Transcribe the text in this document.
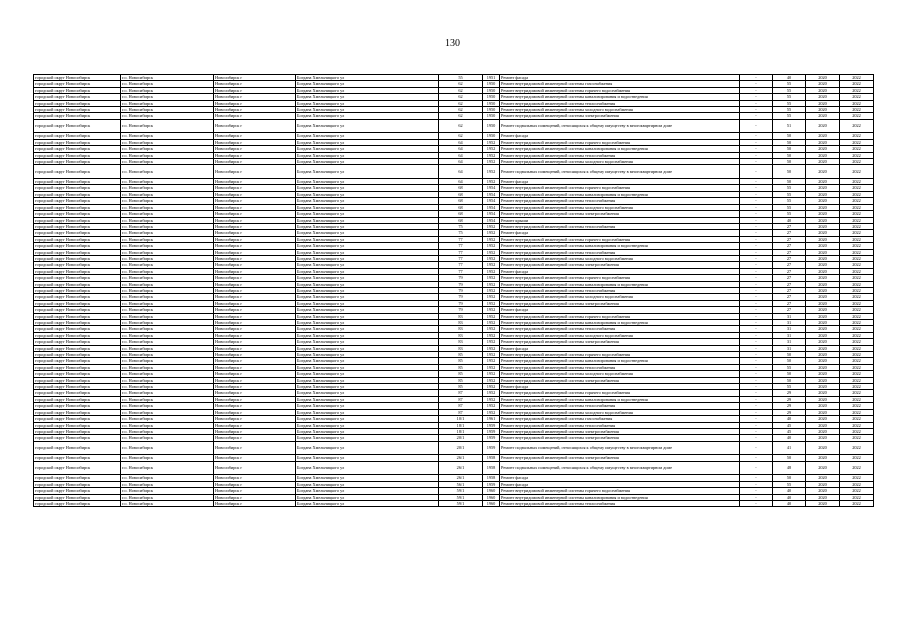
130
городской округ Новосибирск	г.о. Новосибирск	Новосибирск г	Богдана Хмельницкого ул	55	1951	Ремонт фасада	-	40	2020	2022
городской округ Новосибирск	г.о. Новосибирск	Новосибирск г	Богдана Хмельницкого ул	62	1950	Ремонт внутридомовой инженерной системы газоснабжения	-	55	2020	2022
городской округ Новосибирск	г.о. Новосибирск	Новосибирск г	Богдана Хмельницкого ул	62	1950	Ремонт внутридомовой инженерной системы горячего водоснабжения	-	55	2020	2022
городской округ Новосибирск	г.о. Новосибирск	Новосибирск г	Богдана Хмельницкого ул	62	1950	Ремонт внутридомовой инженерной системы канализирования и водоотведения	-	55	2020	2022
городской округ Новосибирск	г.о. Новосибирск	Новосибирск г	Богдана Хмельницкого ул	62	1950	Ремонт внутридомовой инженерной системы теплоснабжения	-	55	2020	2022
городской округ Новосибирск	г.о. Новосибирск	Новосибирск г	Богдана Хмельницкого ул	62	1950	Ремонт внутридомовой инженерной системы холодного водоснабжения	-	55	2020	2022
городской округ Новосибирск	г.о. Новосибирск	Новосибирск г	Богдана Хмельницкого ул	62	1950	Ремонт внутридомовой инженерной системы электроснабжения	-	55	2020	2022
городской округ Новосибирск	г.о. Новосибирск	Новосибирск г	Богдана Хмельницкого ул	62	1950	Ремонт подвальных помещений, относящихся к общему имуществу в многоквартирном доме	-	51	2020	2022
городской округ Новосибирск	г.о. Новосибирск	Новосибирск г	Богдана Хмельницкого ул	62	1950	Ремонт фасада	-	50	2020	2022
городской округ Новосибирск	г.о. Новосибирск	Новосибирск г	Богдана Хмельницкого ул	64	1952	Ремонт внутридомовой инженерной системы горячего водоснабжения	-	50	2020	2022
городской округ Новосибирск	г.о. Новосибирск	Новосибирск г	Богдана Хмельницкого ул	64	1952	Ремонт внутридомовой инженерной системы канализирования и водоотведения	-	50	2020	2022
городской округ Новосибирск	г.о. Новосибирск	Новосибирск г	Богдана Хмельницкого ул	64	1952	Ремонт внутридомовой инженерной системы теплоснабжения	-	50	2020	2022
городской округ Новосибирск	г.о. Новосибирск	Новосибирск г	Богдана Хмельницкого ул	64	1952	Ремонт внутридомовой инженерной системы холодного водоснабжения	-	50	2020	2022
городской округ Новосибирск	г.о. Новосибирск	Новосибирск г	Богдана Хмельницкого ул	64	1952	Ремонт подвальных помещений, относящихся к общему имуществу в многоквартирном доме	-	50	2020	2022
городской округ Новосибирск	г.о. Новосибирск	Новосибирск г	Богдана Хмельницкого ул	64	1952	Ремонт фасада	-	50	2020	2022
городской округ Новосибирск	г.о. Новосибирск	Новосибирск г	Богдана Хмельницкого ул	68	1954	Ремонт внутридомовой инженерной системы горячего водоснабжения	-	55	2020	2022
городской округ Новосибирск	г.о. Новосибирск	Новосибирск г	Богдана Хмельницкого ул	68	1954	Ремонт внутридомовой инженерной системы канализирования и водоотведения	-	55	2020	2022
городской округ Новосибирск	г.о. Новосибирск	Новосибирск г	Богдана Хмельницкого ул	68	1954	Ремонт внутридомовой инженерной системы теплоснабжения	-	55	2020	2022
городской округ Новосибирск	г.о. Новосибирск	Новосибирск г	Богдана Хмельницкого ул	68	1954	Ремонт внутридомовой инженерной системы холодного водоснабжения	-	55	2020	2022
городской округ Новосибирск	г.о. Новосибирск	Новосибирск г	Богдана Хмельницкого ул	68	1954	Ремонт внутридомовой инженерной системы электроснабжения	-	55	2020	2022
городской округ Новосибирск	г.о. Новосибирск	Новосибирск г	Богдана Хмельницкого ул	68	1954	Ремонт крыши	-	40	2020	2022
городской округ Новосибирск	г.о. Новосибирск	Новосибирск г	Богдана Хмельницкого ул	75	1952	Ремонт внутридомовой инженерной системы теплоснабжения	-	27	2020	2022
городской округ Новосибирск	г.о. Новосибирск	Новосибирск г	Богдана Хмельницкого ул	75	1952	Ремонт фасада	-	27	2020	2022
городской округ Новосибирск	г.о. Новосибирск	Новосибирск г	Богдана Хмельницкого ул	77	1952	Ремонт внутридомовой инженерной системы горячего водоснабжения	-	27	2020	2022
городской округ Новосибирск	г.о. Новосибирск	Новосибирск г	Богдана Хмельницкого ул	77	1952	Ремонт внутридомовой инженерной системы канализирования и водоотведения	-	27	2020	2022
городской округ Новосибирск	г.о. Новосибирск	Новосибирск г	Богдана Хмельницкого ул	77	1952	Ремонт внутридомовой инженерной системы теплоснабжения	-	27	2020	2022
городской округ Новосибирск	г.о. Новосибирск	Новосибирск г	Богдана Хмельницкого ул	77	1952	Ремонт внутридомовой инженерной системы холодного водоснабжения	-	27	2020	2022
городской округ Новосибирск	г.о. Новосибирск	Новосибирск г	Богдана Хмельницкого ул	77	1952	Ремонт внутридомовой инженерной системы электроснабжения	-	27	2020	2022
городской округ Новосибирск	г.о. Новосибирск	Новосибирск г	Богдана Хмельницкого ул	77	1952	Ремонт фасада	-	27	2020	2022
городской округ Новосибирск	г.о. Новосибирск	Новосибирск г	Богдана Хмельницкого ул	79	1952	Ремонт внутридомовой инженерной системы горячего водоснабжения	-	27	2020	2022
городской округ Новосибирск	г.о. Новосибирск	Новосибирск г	Богдана Хмельницкого ул	79	1952	Ремонт внутридомовой инженерной системы канализирования и водоотведения	-	27	2020	2022
городской округ Новосибирск	г.о. Новосибирск	Новосибирск г	Богдана Хмельницкого ул	79	1952	Ремонт внутридомовой инженерной системы теплоснабжения	-	27	2020	2022
городской округ Новосибирск	г.о. Новосибирск	Новосибирск г	Богдана Хмельницкого ул	79	1952	Ремонт внутридомовой инженерной системы холодного водоснабжения	-	27	2020	2022
городской округ Новосибирск	г.о. Новосибирск	Новосибирск г	Богдана Хмельницкого ул	79	1952	Ремонт внутридомовой инженерной системы электроснабжения	-	27	2020	2022
городской округ Новосибирск	г.о. Новосибирск	Новосибирск г	Богдана Хмельницкого ул	79	1952	Ремонт фасада	-	27	2020	2022
городской округ Новосибирск	г.о. Новосибирск	Новосибирск г	Богдана Хмельницкого ул	83	1952	Ремонт внутридомовой инженерной системы горячего водоснабжения	-	31	2020	2022
городской округ Новосибирск	г.о. Новосибирск	Новосибирск г	Богдана Хмельницкого ул	83	1952	Ремонт внутридомовой инженерной системы канализирования и водоотведения	-	31	2020	2022
городской округ Новосибирск	г.о. Новосибирск	Новосибирск г	Богдана Хмельницкого ул	83	1952	Ремонт внутридомовой инженерной системы теплоснабжения	-	31	2020	2022
городской округ Новосибирск	г.о. Новосибирск	Новосибирск г	Богдана Хмельницкого ул	83	1952	Ремонт внутридомовой инженерной системы холодного водоснабжения	-	31	2020	2022
городской округ Новосибирск	г.о. Новосибирск	Новосибирск г	Богдана Хмельницкого ул	83	1952	Ремонт внутридомовой инженерной системы электроснабжения	-	31	2020	2022
городской округ Новосибирск	г.о. Новосибирск	Новосибирск г	Богдана Хмельницкого ул	83	1952	Ремонт фасада	-	31	2020	2022
городской округ Новосибирск	г.о. Новосибирск	Новосибирск г	Богдана Хмельницкого ул	85	1952	Ремонт внутридомовой инженерной системы горячего водоснабжения	-	50	2020	2022
городской округ Новосибирск	г.о. Новосибирск	Новосибирск г	Богдана Хмельницкого ул	85	1952	Ремонт внутридомовой инженерной системы канализирования и водоотведения	-	50	2020	2022
городской округ Новосибирск	г.о. Новосибирск	Новосибирск г	Богдана Хмельницкого ул	85	1952	Ремонт внутридомовой инженерной системы теплоснабжения	-	55	2020	2022
городской округ Новосибирск	г.о. Новосибирск	Новосибирск г	Богдана Хмельницкого ул	85	1952	Ремонт внутридомовой инженерной системы холодного водоснабжения	-	50	2020	2022
городской округ Новосибирск	г.о. Новосибирск	Новосибирск г	Богдана Хмельницкого ул	85	1952	Ремонт внутридомовой инженерной системы электроснабжения	-	50	2020	2022
городской округ Новосибирск	г.о. Новосибирск	Новосибирск г	Богдана Хмельницкого ул	85	1952	Ремонт фасада	-	55	2020	2022
городской округ Новосибирск	г.о. Новосибирск	Новосибирск г	Богдана Хмельницкого ул	87	1952	Ремонт внутридомовой инженерной системы горячего водоснабжения	-	29	2020	2022
городской округ Новосибирск	г.о. Новосибирск	Новосибирск г	Богдана Хмельницкого ул	87	1952	Ремонт внутридомовой инженерной системы канализирования и водоотведения	-	29	2020	2022
городской округ Новосибирск	г.о. Новосибирск	Новосибирск г	Богдана Хмельницкого ул	87	1952	Ремонт внутридомовой инженерной системы теплоснабжения	-	29	2020	2022
городской округ Новосибирск	г.о. Новосибирск	Новосибирск г	Богдана Хмельницкого ул	87	1952	Ремонт внутридомовой инженерной системы холодного водоснабжения	-	29	2020	2022
городской округ Новосибирск	г.о. Новосибирск	Новосибирск г	Богдана Хмельницкого ул	10/1	1961	Ремонт внутридомовой инженерной системы газоснабжения	-	40	2020	2022
городской округ Новосибирск	г.о. Новосибирск	Новосибирск г	Богдана Хмельницкого ул	18/1	1959	Ремонт внутридомовой инженерной системы теплоснабжения	-	45	2020	2022
городской округ Новосибирск	г.о. Новосибирск	Новосибирск г	Богдана Хмельницкого ул	18/1	1959	Ремонт внутридомовой инженерной системы электроснабжения	-	45	2020	2022
городской округ Новосибирск	г.о. Новосибирск	Новосибирск г	Богдана Хмельницкого ул	20/1	1959	Ремонт внутридомовой инженерной системы электроснабжения	-	40	2020	2022
городской округ Новосибирск	г.о. Новосибирск	Новосибирск г	Богдана Хмельницкого ул	20/1	1959	Ремонт подвальных помещений, относящихся к общему имуществу в многоквартирном доме	-	41	2020	2022
городской округ Новосибирск	г.о. Новосибирск	Новосибирск г	Богдана Хмельницкого ул	26/1	1958	Ремонт внутридомовой инженерной системы электроснабжения	-	50	2020	2022
городской округ Новосибирск	г.о. Новосибирск	Новосибирск г	Богдана Хмельницкого ул	26/1	1958	Ремонт подвальных помещений, относящихся к общему имуществу в многоквартирном доме	-	48	2020	2022
городской округ Новосибирск	г.о. Новосибирск	Новосибирск г	Богдана Хмельницкого ул	26/1	1958	Ремонт фасада	-	50	2020	2022
городской округ Новосибирск	г.о. Новосибирск	Новосибирск г	Богдана Хмельницкого ул	56/1	1959	Ремонт фасада	-	55	2020	2022
городской округ Новосибирск	г.о. Новосибирск	Новосибирск г	Богдана Хмельницкого ул	59/1	1960	Ремонт внутридомовой инженерной системы горячего водоснабжения	-	40	2020	2022
городской округ Новосибирск	г.о. Новосибирск	Новосибирск г	Богдана Хмельницкого ул	59/1	1960	Ремонт внутридомовой инженерной системы канализирования и водоотведения	-	40	2020	2022
городской округ Новосибирск	г.о. Новосибирск	Новосибирск г	Богдана Хмельницкого ул	59/1	1960	Ремонт внутридомовой инженерной системы теплоснабжения	-	40	2020	2022
